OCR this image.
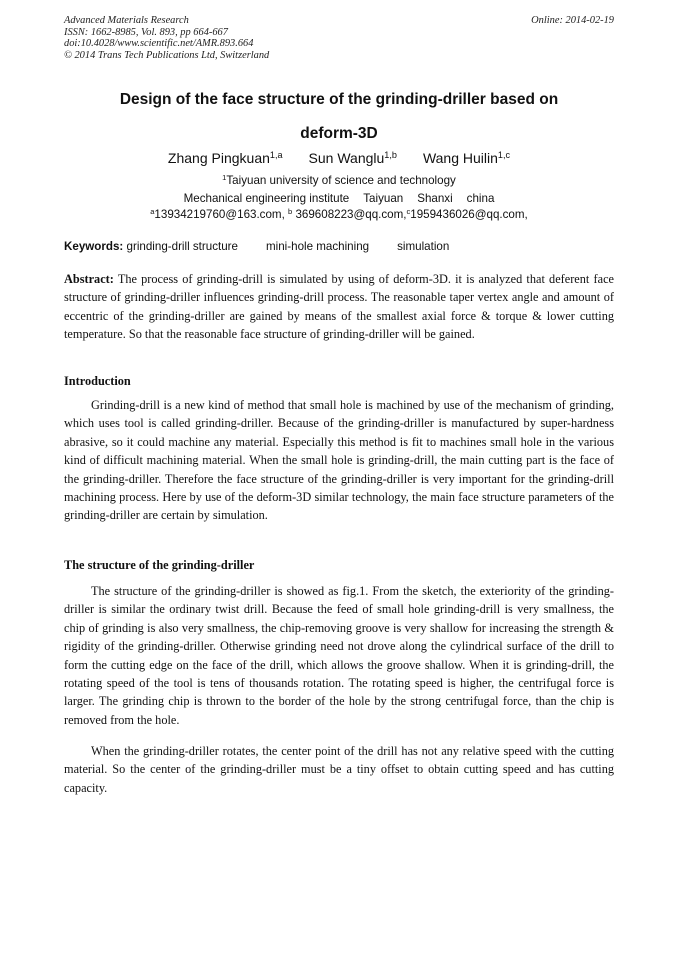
Advanced Materials Research
ISSN: 1662-8985, Vol. 893, pp 664-667
doi:10.4028/www.scientific.net/AMR.893.664
© 2014 Trans Tech Publications Ltd, Switzerland
Online: 2014-02-19
Design of the face structure of the grinding-driller based on
deform-3D
Zhang Pingkuan$^{1,a}$ Sun Wanglu$^{1,b}$ Wang Huilin$^{1,c}$
$^1$Taiyuan university of science and technology
Mechanical engineering institute Taiyuan Shanxi china
$^a$13934219760@163.com, $^b$ 369608223@qq.com,$^c$1959436026@qq.com,
Keywords: grinding-drill structure mini-hole machining simulation
Abstract: The process of grinding-drill is simulated by using of deform-3D. it is analyzed that deferent face structure of grinding-driller influences grinding-drill process. The reasonable taper vertex angle and amount of eccentric of the grinding-driller are gained by means of the smallest axial force & torque & lower cutting temperature. So that the reasonable face structure of grinding-driller will be gained.
Introduction
Grinding-drill is a new kind of method that small hole is machined by use of the mechanism of grinding, which uses tool is called grinding-driller. Because of the grinding-driller is manufactured by super-hardness abrasive, so it could machine any material. Especially this method is fit to machines small hole in the various kind of difficult machining material. When the small hole is grinding-drill, the main cutting part is the face of the grinding-driller. Therefore the face structure of the grinding-driller is very important for the grinding-drill machining process. Here by use of the deform-3D similar technology, the main face structure parameters of the grinding-driller are certain by simulation.
The structure of the grinding-driller
The structure of the grinding-driller is showed as fig.1. From the sketch, the exteriority of the grinding-driller is similar the ordinary twist drill. Because the feed of small hole grinding-drill is very smallness, the chip of grinding is also very smallness, the chip-removing groove is very shallow for increasing the strength & rigidity of the grinding-driller. Otherwise grinding need not drove along the cylindrical surface of the drill to form the cutting edge on the face of the drill, which allows the groove shallow. When it is grinding-drill, the rotating speed of the tool is tens of thousands rotation. The rotating speed is higher, the centrifugal force is larger. The grinding chip is thrown to the border of the hole by the strong centrifugal force, than the chip is removed from the hole.
When the grinding-driller rotates, the center point of the drill has not any relative speed with the cutting material. So the center of the grinding-driller must be a tiny offset to obtain cutting speed and has cutting capacity.
